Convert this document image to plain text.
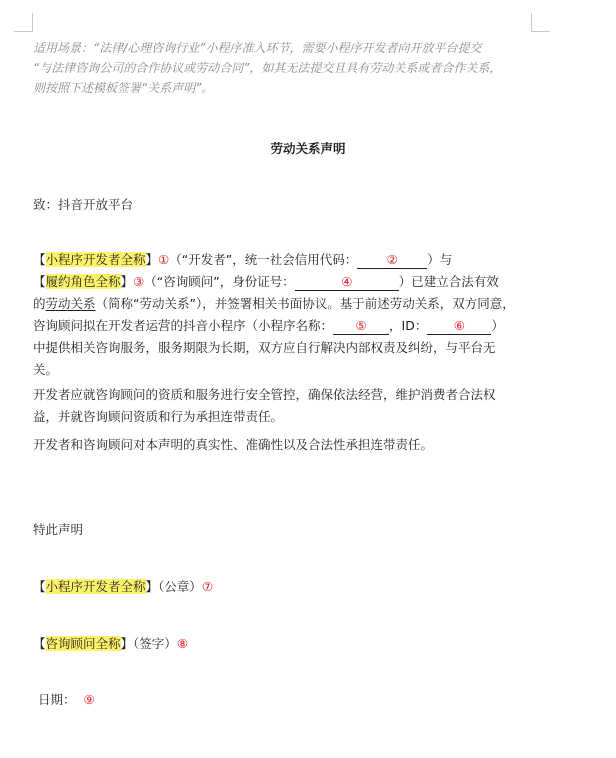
适用场景：“法律/心理咨询行业”小程序准入环节，需要小程序开发者向开放平台提交
“与法律咨询公司的合作协议或劳动合同”，如其无法提交且具有劳动关系或者合作关系，
则按照下述模板签署“关系声明”。
劳动关系声明
致：抖音开放平台
【小程序开发者全称】①（“开发者”，统一社会信用代码： ② ）与
【履约角色全称】③（“咨询顾问”，身份证号：	④	）已建立合法有效
的劳动关系（简称“劳动关系”），并签署相关书面协议。基于前述劳动关系，双方同意，
咨询顾问拟在开发者运营的抖音小程序（小程序名称： ⑤ ，ID： ⑥ ）
中提供相关咨询服务，服务期限为长期，双方应自行解决内部权责及纠纷，与平台无
关。
开发者应就咨询顾问的资质和服务进行安全管控，确保依法经营，维护消费者合法权
益，并就咨询顾问资质和行为承担连带责任。
开发者和咨询顾问对本声明的真实性、准确性以及合法性承担连带责任。
特此声明
【小程序开发者全称】（公章）⑦
【咨询顾问全称】（签字）⑧
日期： ⑨
